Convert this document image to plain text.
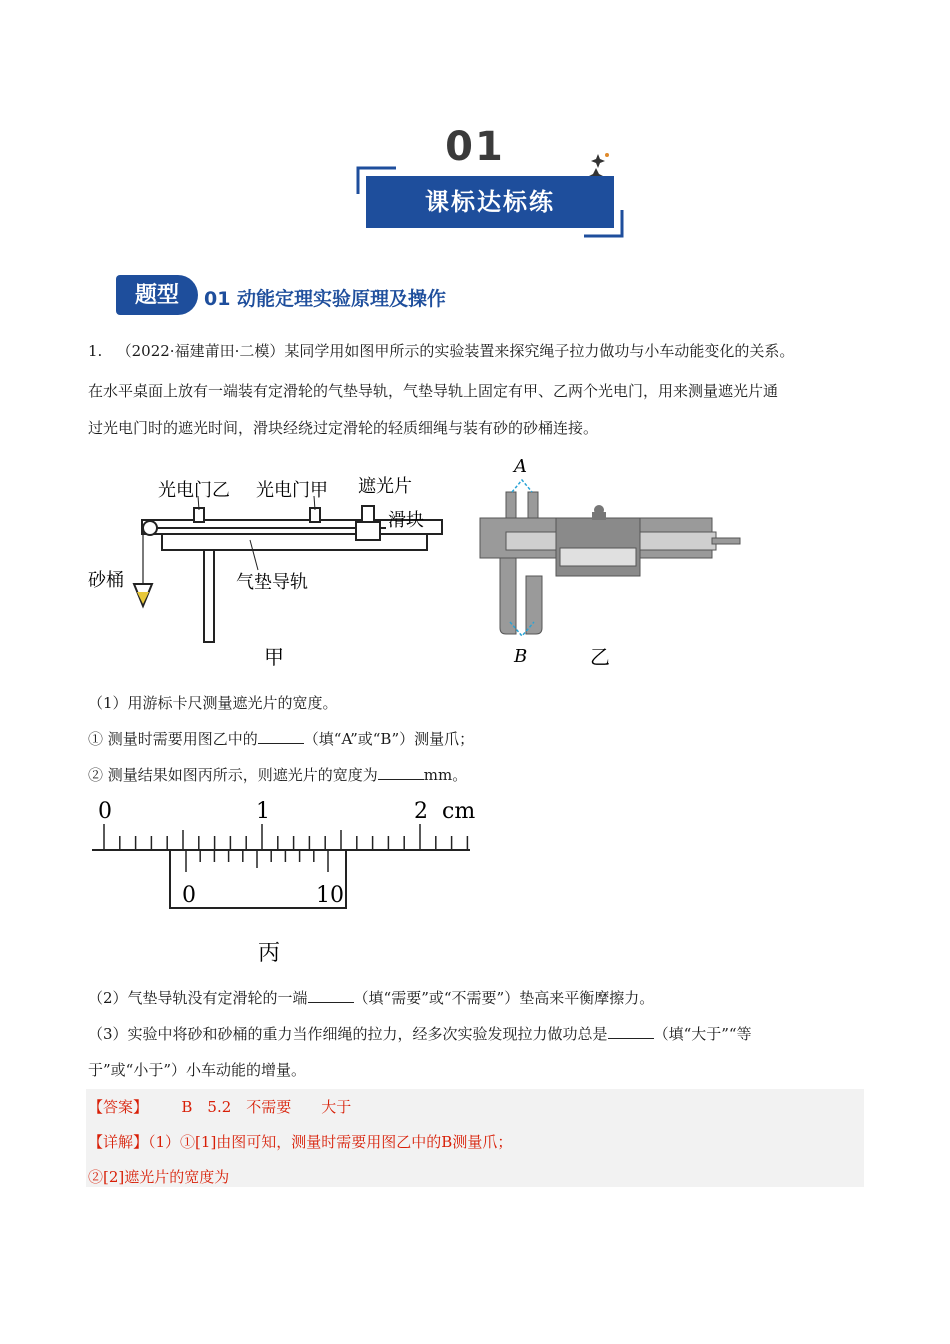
01
课标达标练
题型	01 动能定理实验原理及操作
1. （2022·福建莆田·二模）某同学用如图甲所示的实验装置来探究绳子拉力做功与小车动能变化的关系。
在水平桌面上放有一端装有定滑轮的气垫导轨，气垫导轨上固定有甲、乙两个光电门，用来测量遮光片通
过光电门时的遮光时间，滑块经绕过定滑轮的轻质细绳与装有砂的砂桶连接。
光电门乙 光电门甲 遮光片
滑块
砂桶	气垫导轨
甲
A
B	乙
（1）用游标卡尺测量遮光片的宽度。
① 测量时需要用图乙中的	（填“A”或“B”）测量爪；
② 测量结果如图丙所示，则遮光片的宽度为	mm。
0	1	2 cm
0	10
丙
（2）气垫导轨没有定滑轮的一端	（填“需要”或“不需要”）垫高来平衡摩擦力。
（3）实验中将砂和砂桶的重力当作细绳的拉力，经多次实验发现拉力做功总是	（填“大于”“等
于”或“小于”）小车动能的增量。
【答案】 B　5.2　不需要　　大于
【详解】（1）①[1]由图可知，测量时需要用图乙中的B测量爪；
②[2]遮光片的宽度为
